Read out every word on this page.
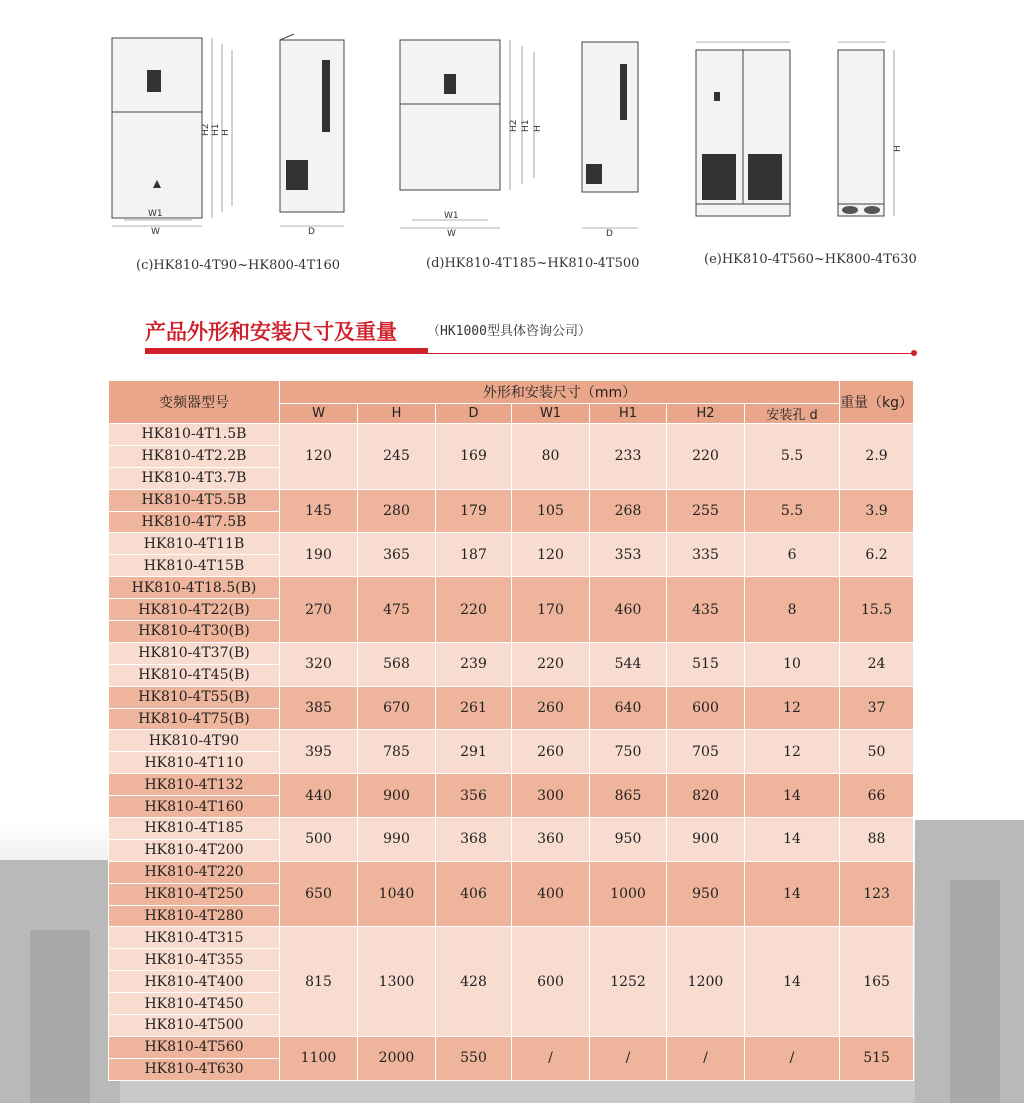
W1
W
H2 H1 H
D
(c)HK810-4T90~HK800-4T160
W1
W
H2 H1 H
D
(d)HK810-4T185~HK810-4T500
H
(e)HK810-4T560~HK800-4T630
产品外形和安装尺寸及重量 （HK1000型具体咨询公司）
变频器型号	外形和安装尺寸（mm）							重量（kg）
	W	H	D	W1	H1	H2	安装孔 d	
HK810-4T1.5B	120	245	169	80	233	220	5.5	2.9
HK810-4T2.2B								
HK810-4T3.7B								
HK810-4T5.5B	145	280	179	105	268	255	5.5	3.9
HK810-4T7.5B								
HK810-4T11B	190	365	187	120	353	335	6	6.2
HK810-4T15B								
HK810-4T18.5(B)	270	475	220	170	460	435	8	15.5
HK810-4T22(B)								
HK810-4T30(B)								
HK810-4T37(B)	320	568	239	220	544	515	10	24
HK810-4T45(B)								
HK810-4T55(B)	385	670	261	260	640	600	12	37
HK810-4T75(B)								
HK810-4T90	395	785	291	260	750	705	12	50
HK810-4T110								
HK810-4T132	440	900	356	300	865	820	14	66
HK810-4T160								
HK810-4T185	500	990	368	360	950	900	14	88
HK810-4T200								
HK810-4T220	650	1040	406	400	1000	950	14	123
HK810-4T250								
HK810-4T280								
HK810-4T315	815	1300	428	600	1252	1200	14	165
HK810-4T355								
HK810-4T400								
HK810-4T450								
HK810-4T500								
HK810-4T560	1100	2000	550	/	/	/	/	515
HK810-4T630								
